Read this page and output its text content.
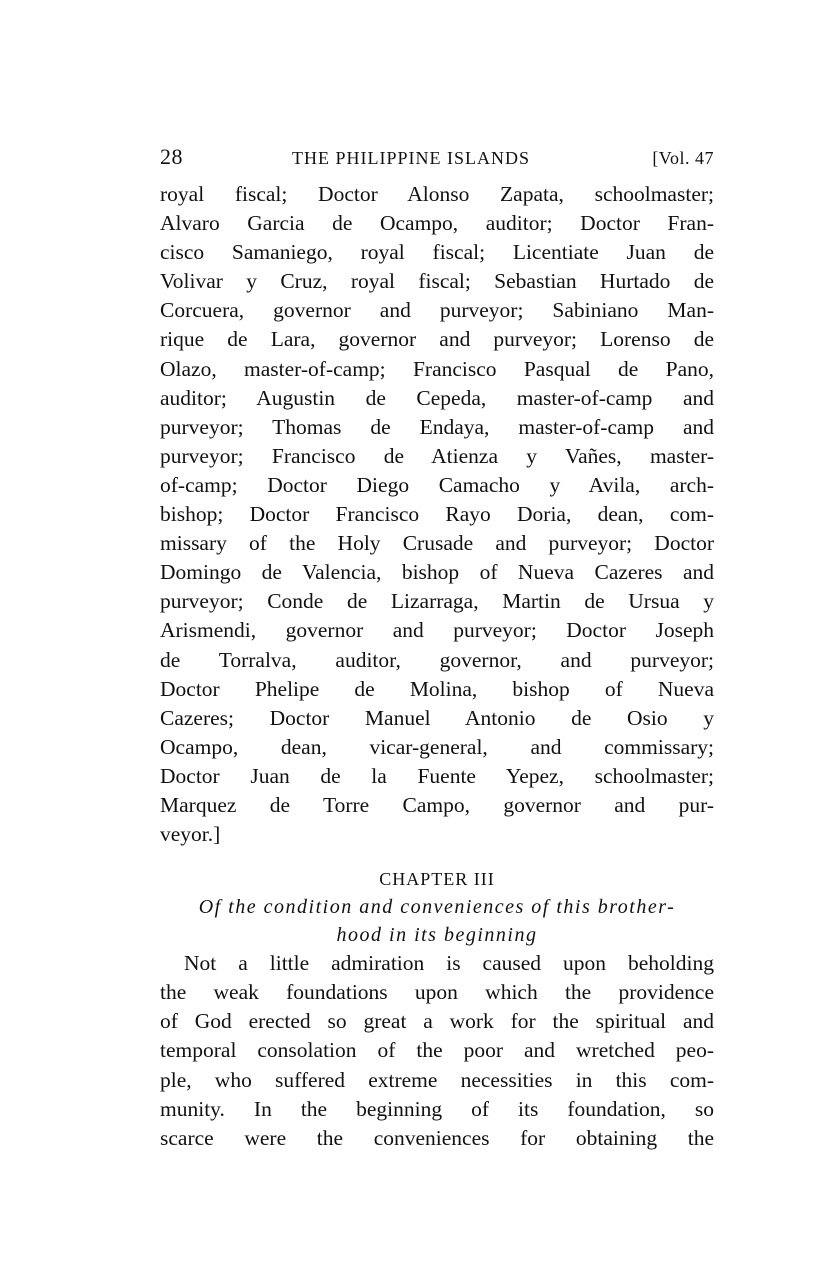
28	THE PHILIPPINE ISLANDS	[Vol. 47
royal fiscal; Doctor Alonso Zapata, schoolmaster;
Alvaro Garcia de Ocampo, auditor; Doctor Fran-
cisco Samaniego, royal fiscal; Licentiate Juan de
Volivar y Cruz, royal fiscal; Sebastian Hurtado de
Corcuera, governor and purveyor; Sabiniano Man-
rique de Lara, governor and purveyor; Lorenso de
Olazo, master-of-camp; Francisco Pasqual de Pano,
auditor; Augustin de Cepeda, master-of-camp and
purveyor; Thomas de Endaya, master-of-camp and
purveyor; Francisco de Atienza y Vañes, master-
of-camp; Doctor Diego Camacho y Avila, arch-
bishop; Doctor Francisco Rayo Doria, dean, com-
missary of the Holy Crusade and purveyor; Doctor
Domingo de Valencia, bishop of Nueva Cazeres and
purveyor; Conde de Lizarraga, Martin de Ursua y
Arismendi, governor and purveyor; Doctor Joseph
de Torralva, auditor, governor, and purveyor;
Doctor Phelipe de Molina, bishop of Nueva
Cazeres; Doctor Manuel Antonio de Osio y
Ocampo, dean, vicar-general, and commissary;
Doctor Juan de la Fuente Yepez, schoolmaster;
Marquez de Torre Campo, governor and pur-
veyor.]
CHAPTER III
Of the condition and conveniences of this brother-
hood in its beginning
Not a little admiration is caused upon beholding
the weak foundations upon which the providence
of God erected so great a work for the spiritual and
temporal consolation of the poor and wretched peo-
ple, who suffered extreme necessities in this com-
munity. In the beginning of its foundation, so
scarce were the conveniences for obtaining the
